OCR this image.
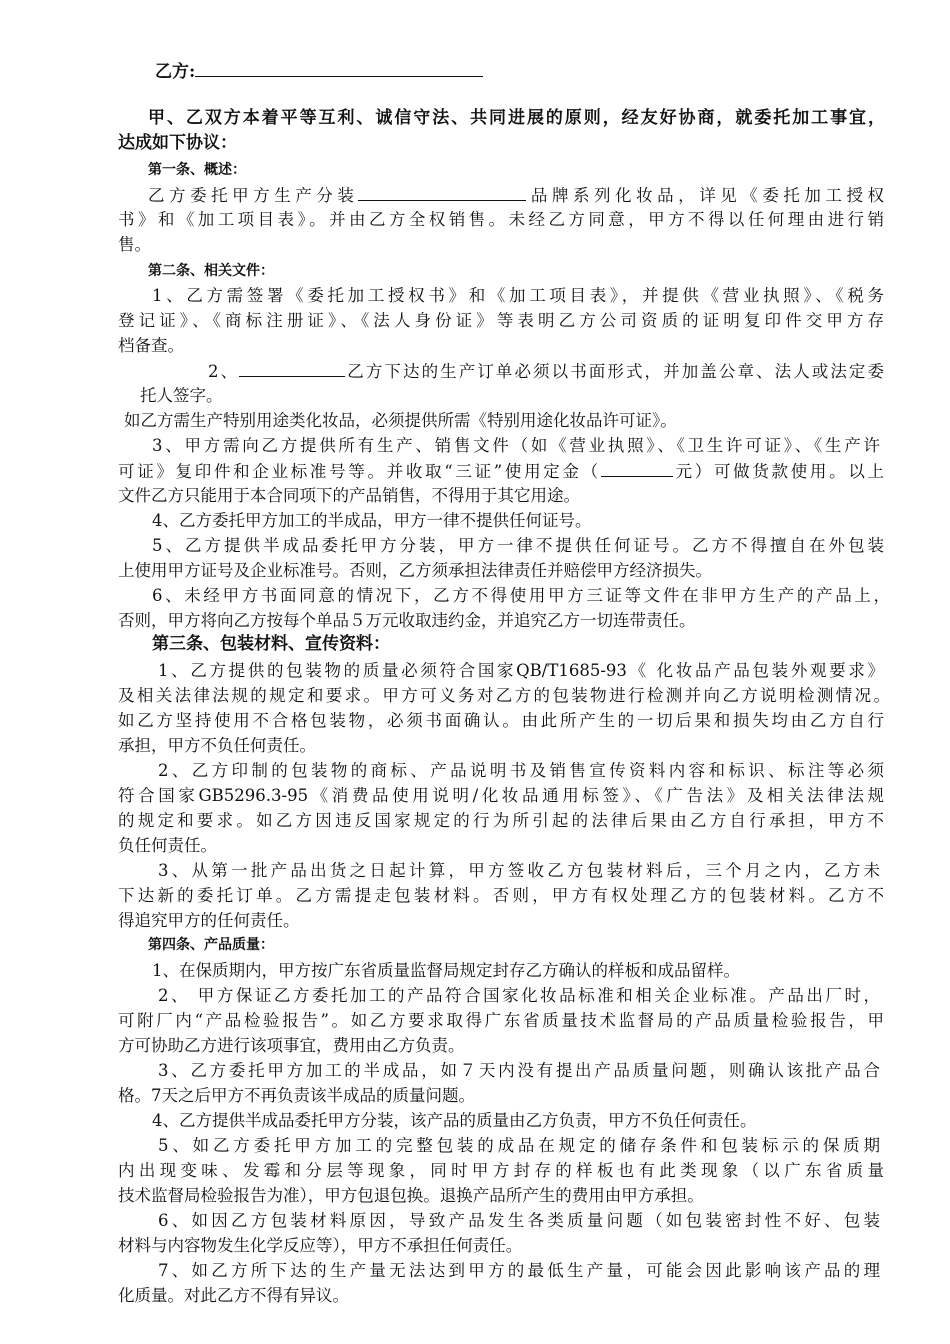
乙方:
甲、乙双方本着平等互利、诚信守法、共同进展的原则，经友好协商，就委托加工事宜，
达成如下协议：
第一条、概述：
乙方委托甲方生产分装	品牌系列化妆品，详见《委托加工授权
书》和《加工项目表》。并由乙方全权销售。未经乙方同意，甲方不得以任何理由进行销
售。
第二条、相关文件：
1、乙方需签署《委托加工授权书》和《加工项目表》，并提供《营业执照》、《税务
登记证》、《商标注册证》、《法人身份证》等表明乙方公司资质的证明复印件交甲方存
档备查。
2、	乙方下达的生产订单必须以书面形式，并加盖公章、法人或法定委
托人签字。
如乙方需生产特别用途类化妆品，必须提供所需《特别用途化妆品许可证》。
3、甲方需向乙方提供所有生产、销售文件（如《营业执照》、《卫生许可证》、《生产许
可证》复印件和企业标准号等。并收取“三证”使用定金（	元）可做货款使用。以上
文件乙方只能用于本合同项下的产品销售，不得用于其它用途。
4、乙方委托甲方加工的半成品，甲方一律不提供任何证号。
5、乙方提供半成品委托甲方分装，甲方一律不提供任何证号。乙方不得擅自在外包装
上使用甲方证号及企业标准号。否则，乙方须承担法律责任并赔偿甲方经济损失。
6、未经甲方书面同意的情况下，乙方不得使用甲方三证等文件在非甲方生产的产品上，
否则，甲方将向乙方按每个单品５万元收取违约金，并追究乙方一切连带责任。
第三条、包装材料、宣传资料：
1、乙方提供的包装物的质量必须符合国家QB/T1685-93《 化妆品产品包装外观要求》
及相关法律法规的规定和要求。甲方可义务对乙方的包装物进行检测并向乙方说明检测情况。
如乙方坚持使用不合格包装物，必须书面确认。由此所产生的一切后果和损失均由乙方自行
承担，甲方不负任何责任。
2、乙方印制的包装物的商标、产品说明书及销售宣传资料内容和标识、标注等必须
符合国家GB5296.3-95《消费品使用说明/化妆品通用标签》、《广告法》及相关法律法规
的规定和要求。如乙方因违反国家规定的行为所引起的法律后果由乙方自行承担，甲方不
负任何责任。
3、从第一批产品出货之日起计算，甲方签收乙方包装材料后，三个月之内，乙方未
下达新的委托订单。乙方需提走包装材料。否则，甲方有权处理乙方的包装材料。乙方不
得追究甲方的任何责任。
第四条、产品质量：
1、在保质期内，甲方按广东省质量监督局规定封存乙方确认的样板和成品留样。
2、 甲方保证乙方委托加工的产品符合国家化妆品标准和相关企业标准。产品出厂时，
可附厂内“产品检验报告”。如乙方要求取得广东省质量技术监督局的产品质量检验报告，甲
方可协助乙方进行该项事宜，费用由乙方负责。
3、乙方委托甲方加工的半成品，如７天内没有提出产品质量问题，则确认该批产品合
格。7天之后甲方不再负责该半成品的质量问题。
4、乙方提供半成品委托甲方分装，该产品的质量由乙方负责，甲方不负任何责任。
5、如乙方委托甲方加工的完整包装的成品在规定的储存条件和包装标示的保质期
内出现变味、发霉和分层等现象，同时甲方封存的样板也有此类现象（以广东省质量
技术监督局检验报告为准），甲方包退包换。退换产品所产生的费用由甲方承担。
6、如因乙方包装材料原因，导致产品发生各类质量问题（如包装密封性不好、包装
材料与内容物发生化学反应等），甲方不承担任何责任。
7、如乙方所下达的生产量无法达到甲方的最低生产量，可能会因此影响该产品的理
化质量。对此乙方不得有异议。
